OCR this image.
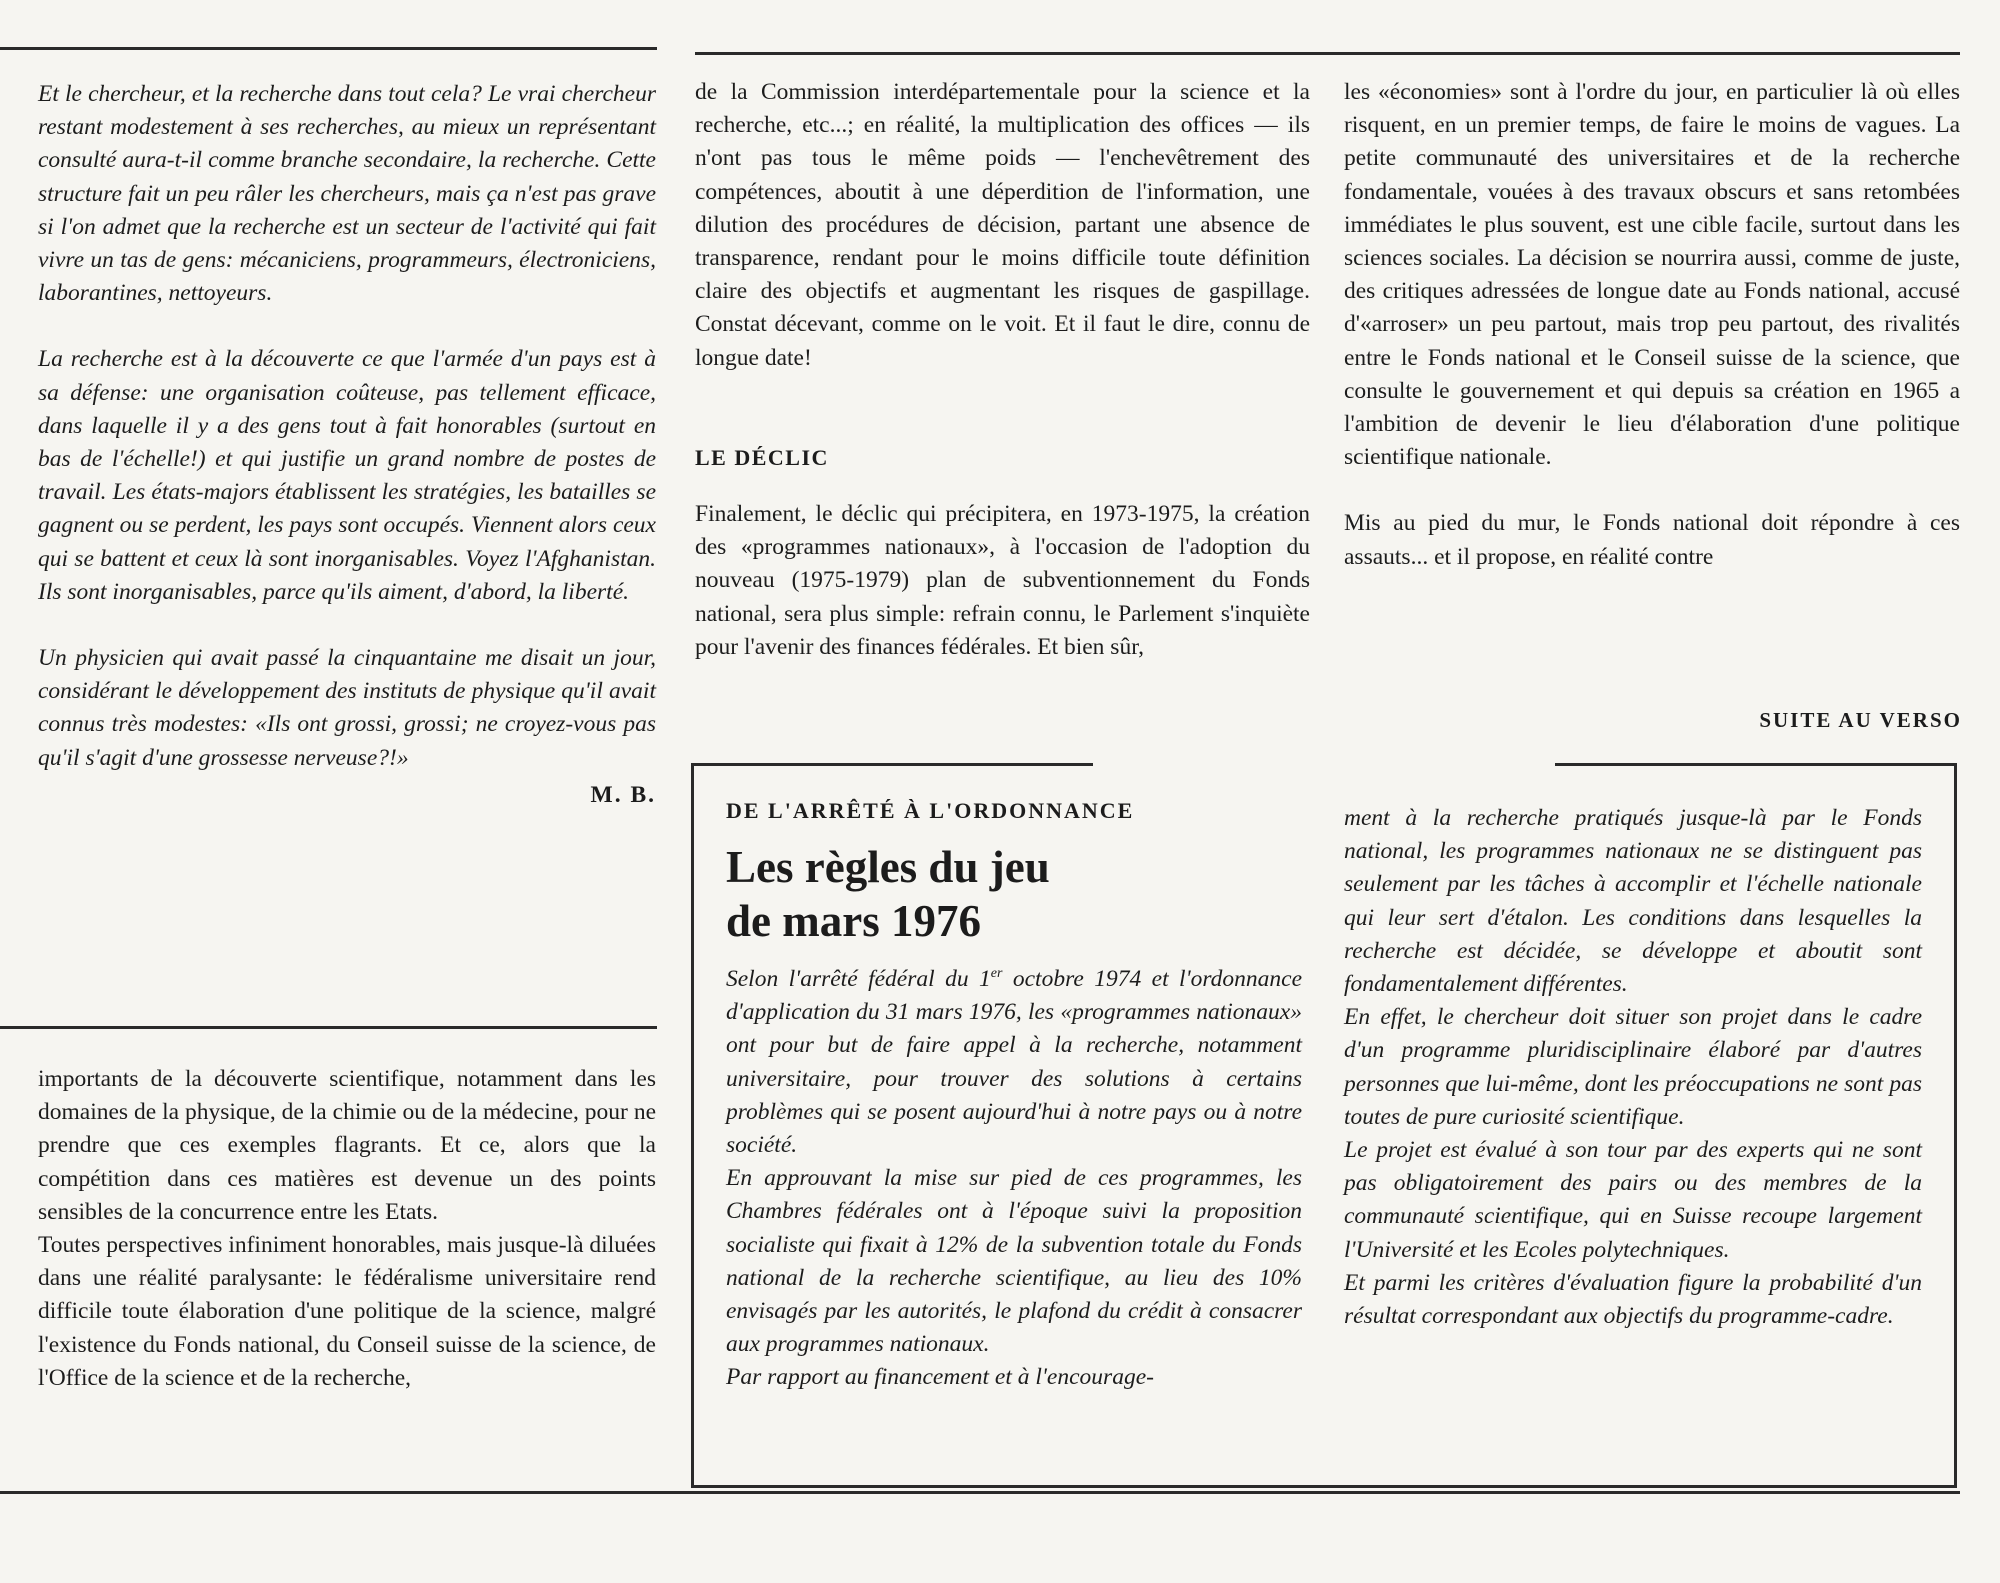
Et le chercheur, et la recherche dans tout cela? Le vrai chercheur restant modestement à ses recherches, au mieux un représentant consulté aura-t-il comme branche secondaire, la recherche. Cette structure fait un peu râler les chercheurs, mais ça n'est pas grave si l'on admet que la recherche est un secteur de l'activité qui fait vivre un tas de gens: mécaniciens, programmeurs, électroniciens, laborantines, nettoyeurs.

La recherche est à la découverte ce que l'armée d'un pays est à sa défense: une organisation coûteuse, pas tellement efficace, dans laquelle il y a des gens tout à fait honorables (surtout en bas de l'échelle!) et qui justifie un grand nombre de postes de travail. Les états-majors établissent les stratégies, les batailles se gagnent ou se perdent, les pays sont occupés. Viennent alors ceux qui se battent et ceux là sont inorganisables. Voyez l'Afghanistan. Ils sont inorganisables, parce qu'ils aiment, d'abord, la liberté.

Un physicien qui avait passé la cinquantaine me disait un jour, considérant le développement des instituts de physique qu'il avait connus très modestes: «Ils ont grossi, grossi; ne croyez-vous pas qu'il s'agit d'une grossesse nerveuse?!»

M. B.

importants de la découverte scientifique, notamment dans les domaines de la physique, de la chimie ou de la médecine, pour ne prendre que ces exemples flagrants. Et ce, alors que la compétition dans ces matières est devenue un des points sensibles de la concurrence entre les Etats.

Toutes perspectives infiniment honorables, mais jusque-là diluées dans une réalité paralysante: le fédéralisme universitaire rend difficile toute élaboration d'une politique de la science, malgré l'existence du Fonds national, du Conseil suisse de la science, de l'Office de la science et de la recherche,

de la Commission interdépartementale pour la science et la recherche, etc...; en réalité, la multiplication des offices — ils n'ont pas tous le même poids — l'enchevêtrement des compétences, aboutit à une déperdition de l'information, une dilution des procédures de décision, partant une absence de transparence, rendant pour le moins difficile toute définition claire des objectifs et augmentant les risques de gaspillage. Constat décevant, comme on le voit. Et il faut le dire, connu de longue date!

LE DÉCLIC

Finalement, le déclic qui précipitera, en 1973-1975, la création des «programmes nationaux», à l'occasion de l'adoption du nouveau (1975-1979) plan de subventionnement du Fonds national, sera plus simple: refrain connu, le Parlement s'inquiète pour l'avenir des finances fédérales. Et bien sûr,

les «économies» sont à l'ordre du jour, en particulier là où elles risquent, en un premier temps, de faire le moins de vagues. La petite communauté des universitaires et de la recherche fondamentale, vouées à des travaux obscurs et sans retombées immédiates le plus souvent, est une cible facile, surtout dans les sciences sociales. La décision se nourrira aussi, comme de juste, des critiques adressées de longue date au Fonds national, accusé d'«arroser» un peu partout, mais trop peu partout, des rivalités entre le Fonds national et le Conseil suisse de la science, que consulte le gouvernement et qui depuis sa création en 1965 a l'ambition de devenir le lieu d'élaboration d'une politique scientifique nationale.

Mis au pied du mur, le Fonds national doit répondre à ces assauts... et il propose, en réalité contre

SUITE AU VERSO
DE L'ARRÊTÉ À L'ORDONNANCE
Les règles du jeu
de mars 1976

Selon l'arrêté fédéral du 1er octobre 1974 et l'ordonnance d'application du 31 mars 1976, les «programmes nationaux» ont pour but de faire appel à la recherche, notamment universitaire, pour trouver des solutions à certains problèmes qui se posent aujourd'hui à notre pays ou à notre société.

En approuvant la mise sur pied de ces programmes, les Chambres fédérales ont à l'époque suivi la proposition socialiste qui fixait à 12% de la subvention totale du Fonds national de la recherche scientifique, au lieu des 10% envisagés par les autorités, le plafond du crédit à consacrer aux programmes nationaux.

Par rapport au financement et à l'encourage-

ment à la recherche pratiqués jusque-là par le Fonds national, les programmes nationaux ne se distinguent pas seulement par les tâches à accomplir et l'échelle nationale qui leur sert d'étalon. Les conditions dans lesquelles la recherche est décidée, se développe et aboutit sont fondamentalement différentes.

En effet, le chercheur doit situer son projet dans le cadre d'un programme pluridisciplinaire élaboré par d'autres personnes que lui-même, dont les préoccupations ne sont pas toutes de pure curiosité scientifique.

Le projet est évalué à son tour par des experts qui ne sont pas obligatoirement des pairs ou des membres de la communauté scientifique, qui en Suisse recoupe largement l'Université et les Ecoles polytechniques.

Et parmi les critères d'évaluation figure la probabilité d'un résultat correspondant aux objectifs du programme-cadre.
